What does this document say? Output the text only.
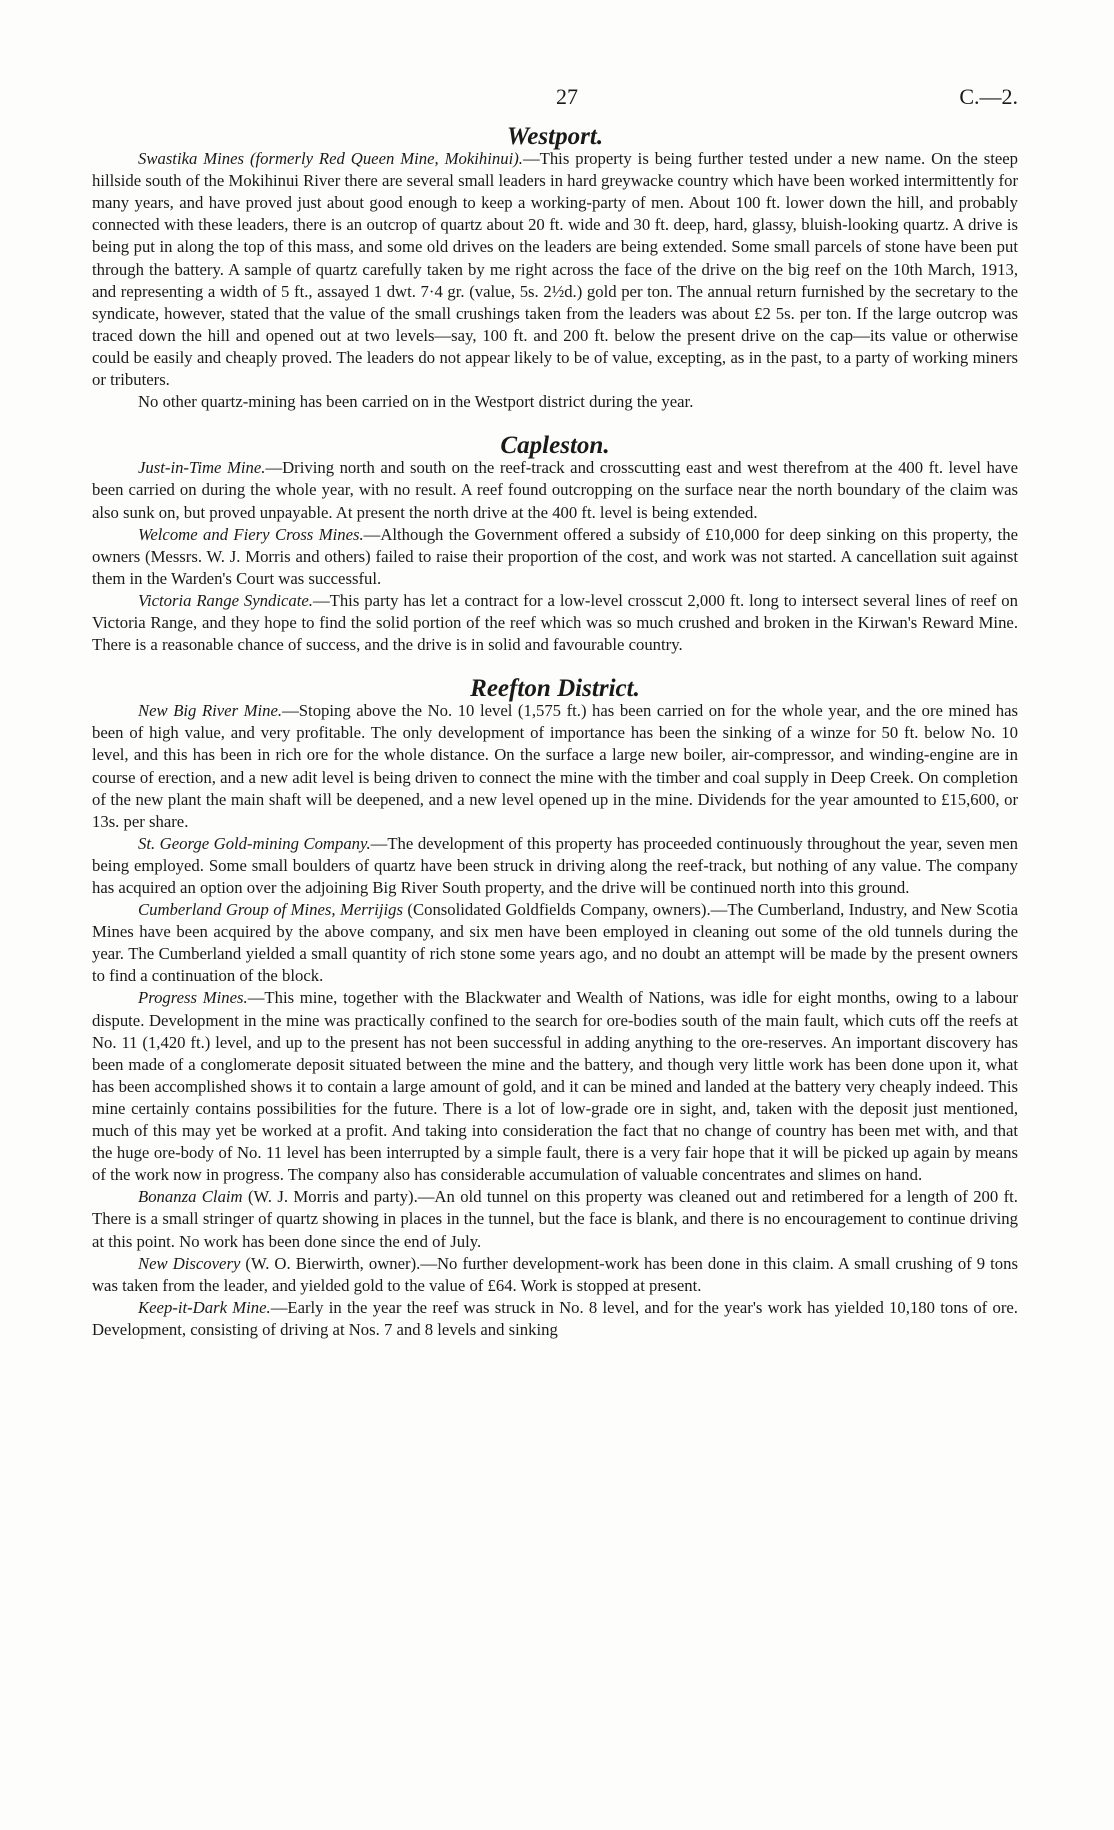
27	C.—2.
Westport.

Swastika Mines (formerly Red Queen Mine, Mokihinui).—This property is being further tested under a new name. On the steep hillside south of the Mokihinui River there are several small leaders in hard greywacke country which have been worked intermittently for many years, and have proved just about good enough to keep a working-party of men. About 100 ft. lower down the hill, and probably connected with these leaders, there is an outcrop of quartz about 20 ft. wide and 30 ft. deep, hard, glassy, bluish-looking quartz. A drive is being put in along the top of this mass, and some old drives on the leaders are being extended. Some small parcels of stone have been put through the battery. A sample of quartz carefully taken by me right across the face of the drive on the big reef on the 10th March, 1913, and representing a width of 5 ft., assayed 1 dwt. 7·4 gr. (value, 5s. 2½d.) gold per ton. The annual return furnished by the secretary to the syndicate, however, stated that the value of the small crushings taken from the leaders was about £2 5s. per ton. If the large outcrop was traced down the hill and opened out at two levels—say, 100 ft. and 200 ft. below the present drive on the cap—its value or otherwise could be easily and cheaply proved. The leaders do not appear likely to be of value, excepting, as in the past, to a party of working miners or tributers.

No other quartz-mining has been carried on in the Westport district during the year.

Capleston.

Just-in-Time Mine.—Driving north and south on the reef-track and crosscutting east and west therefrom at the 400 ft. level have been carried on during the whole year, with no result. A reef found outcropping on the surface near the north boundary of the claim was also sunk on, but proved unpayable. At present the north drive at the 400 ft. level is being extended.

Welcome and Fiery Cross Mines.—Although the Government offered a subsidy of £10,000 for deep sinking on this property, the owners (Messrs. W. J. Morris and others) failed to raise their proportion of the cost, and work was not started. A cancellation suit against them in the Warden's Court was successful.

Victoria Range Syndicate.—This party has let a contract for a low-level crosscut 2,000 ft. long to intersect several lines of reef on Victoria Range, and they hope to find the solid portion of the reef which was so much crushed and broken in the Kirwan's Reward Mine. There is a reasonable chance of success, and the drive is in solid and favourable country.

Reefton District.

New Big River Mine.—Stoping above the No. 10 level (1,575 ft.) has been carried on for the whole year, and the ore mined has been of high value, and very profitable. The only development of importance has been the sinking of a winze for 50 ft. below No. 10 level, and this has been in rich ore for the whole distance. On the surface a large new boiler, air-compressor, and winding-engine are in course of erection, and a new adit level is being driven to connect the mine with the timber and coal supply in Deep Creek. On completion of the new plant the main shaft will be deepened, and a new level opened up in the mine. Dividends for the year amounted to £15,600, or 13s. per share.

St. George Gold-mining Company.—The development of this property has proceeded continuously throughout the year, seven men being employed. Some small boulders of quartz have been struck in driving along the reef-track, but nothing of any value. The company has acquired an option over the adjoining Big River South property, and the drive will be continued north into this ground.

Cumberland Group of Mines, Merrijigs (Consolidated Goldfields Company, owners).—The Cumberland, Industry, and New Scotia Mines have been acquired by the above company, and six men have been employed in cleaning out some of the old tunnels during the year. The Cumberland yielded a small quantity of rich stone some years ago, and no doubt an attempt will be made by the present owners to find a continuation of the block.

Progress Mines.—This mine, together with the Blackwater and Wealth of Nations, was idle for eight months, owing to a labour dispute. Development in the mine was practically confined to the search for ore-bodies south of the main fault, which cuts off the reefs at No. 11 (1,420 ft.) level, and up to the present has not been successful in adding anything to the ore-reserves. An important discovery has been made of a conglomerate deposit situated between the mine and the battery, and though very little work has been done upon it, what has been accomplished shows it to contain a large amount of gold, and it can be mined and landed at the battery very cheaply indeed. This mine certainly contains possibilities for the future. There is a lot of low-grade ore in sight, and, taken with the deposit just mentioned, much of this may yet be worked at a profit. And taking into consideration the fact that no change of country has been met with, and that the huge ore-body of No. 11 level has been interrupted by a simple fault, there is a very fair hope that it will be picked up again by means of the work now in progress. The company also has considerable accumulation of valuable concentrates and slimes on hand.

Bonanza Claim (W. J. Morris and party).—An old tunnel on this property was cleaned out and retimbered for a length of 200 ft. There is a small stringer of quartz showing in places in the tunnel, but the face is blank, and there is no encouragement to continue driving at this point. No work has been done since the end of July.

New Discovery (W. O. Bierwirth, owner).—No further development-work has been done in this claim. A small crushing of 9 tons was taken from the leader, and yielded gold to the value of £64. Work is stopped at present.

Keep-it-Dark Mine.—Early in the year the reef was struck in No. 8 level, and for the year's work has yielded 10,180 tons of ore. Development, consisting of driving at Nos. 7 and 8 levels and sinking
